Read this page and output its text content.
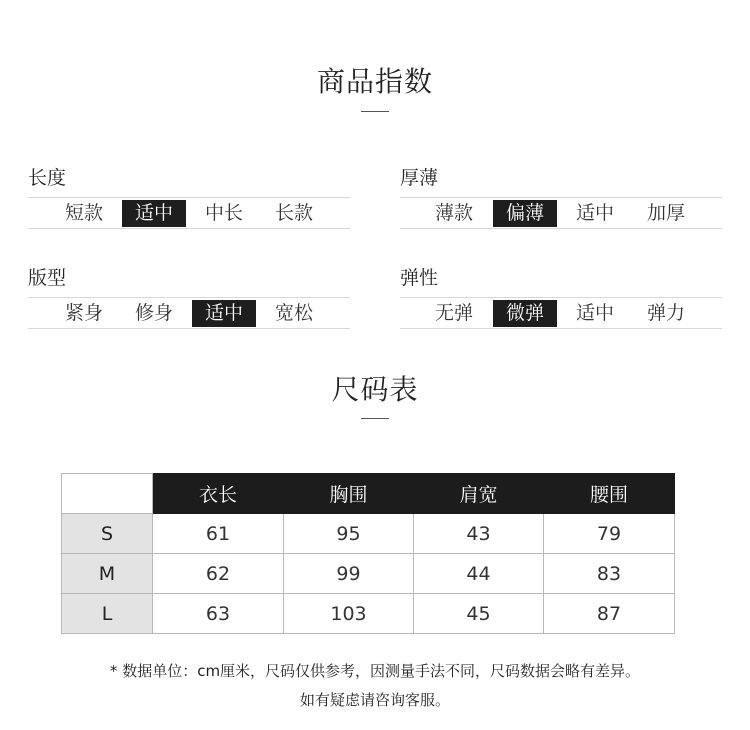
商品指数
长度
短款	适中	中长	长款
厚薄
薄款	偏薄	适中	加厚
版型
紧身	修身	适中	宽松
弹性
无弹	微弹	适中	弹力
尺码表
	衣长	胸围	肩宽	腰围
S	61	95	43	79
M	62	99	44	83
L	63	103	45	87
* 数据单位：cm厘米，尺码仅供参考，因测量手法不同，尺码数据会略有差异。
如有疑虑请咨询客服。
